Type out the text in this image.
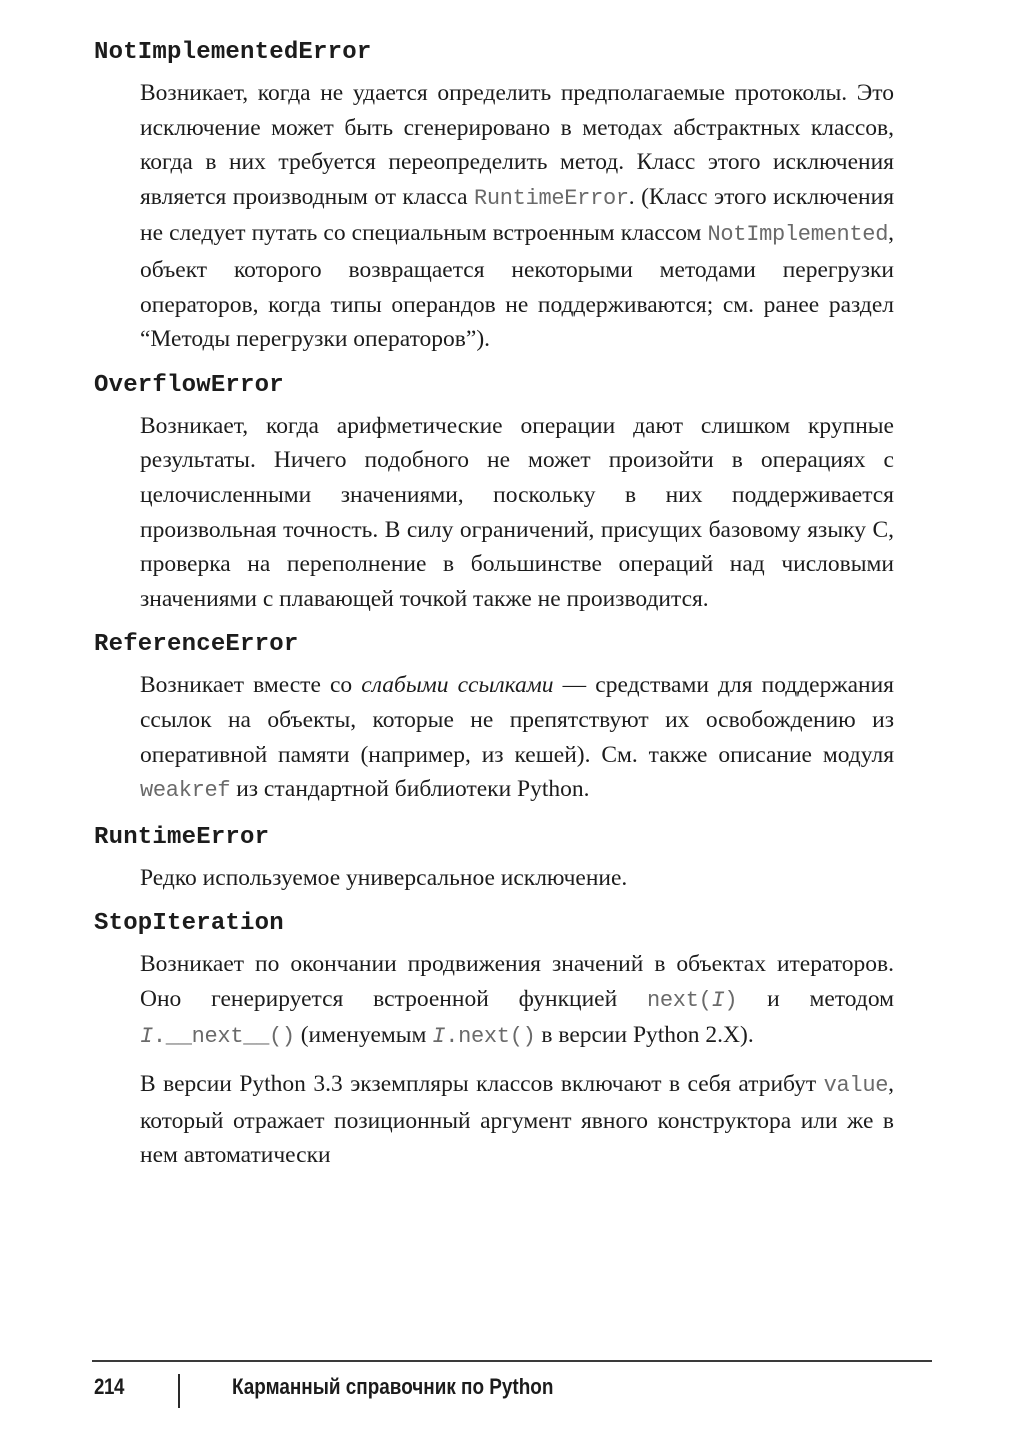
NotImplementedError

Возникает, когда не удается определить предполагаемые протоколы. Это исключение может быть сгенерировано в методах абстрактных классов, когда в них требуется переопределить метод. Класс этого исключения является производным от класса RuntimeError. (Класс этого исключения не следует путать со специальным встроенным классом NotImplemented, объект которого возвращается некоторыми методами перегрузки операторов, когда типы операндов не поддерживаются; см. ранее раздел “Методы перегрузки операторов”).

OverflowError

Возникает, когда арифметические операции дают слишком крупные результаты. Ничего подобного не может произойти в операциях с целочисленными значениями, поскольку в них поддерживается произвольная точность. В силу ограничений, присущих базовому языку C, проверка на переполнение в большинстве операций над числовыми значениями с плавающей точкой также не производится.

ReferenceError

Возникает вместе со слабыми ссылками — средствами для поддержания ссылок на объекты, которые не препятствуют их освобождению из оперативной памяти (например, из кешей). См. также описание модуля weakref из стандартной библиотеки Python.

RuntimeError

Редко используемое универсальное исключение.

StopIteration

Возникает по окончании продвижения значений в объектах итераторов. Оно генерируется встроенной функцией next(I) и методом I.__next__() (именуемым I.next() в версии Python 2.X).

В версии Python 3.3 экземпляры классов включают в себя атрибут value, который отражает позиционный аргумент явного конструктора или же в нем автоматически

214	Карманный справочник по Python
